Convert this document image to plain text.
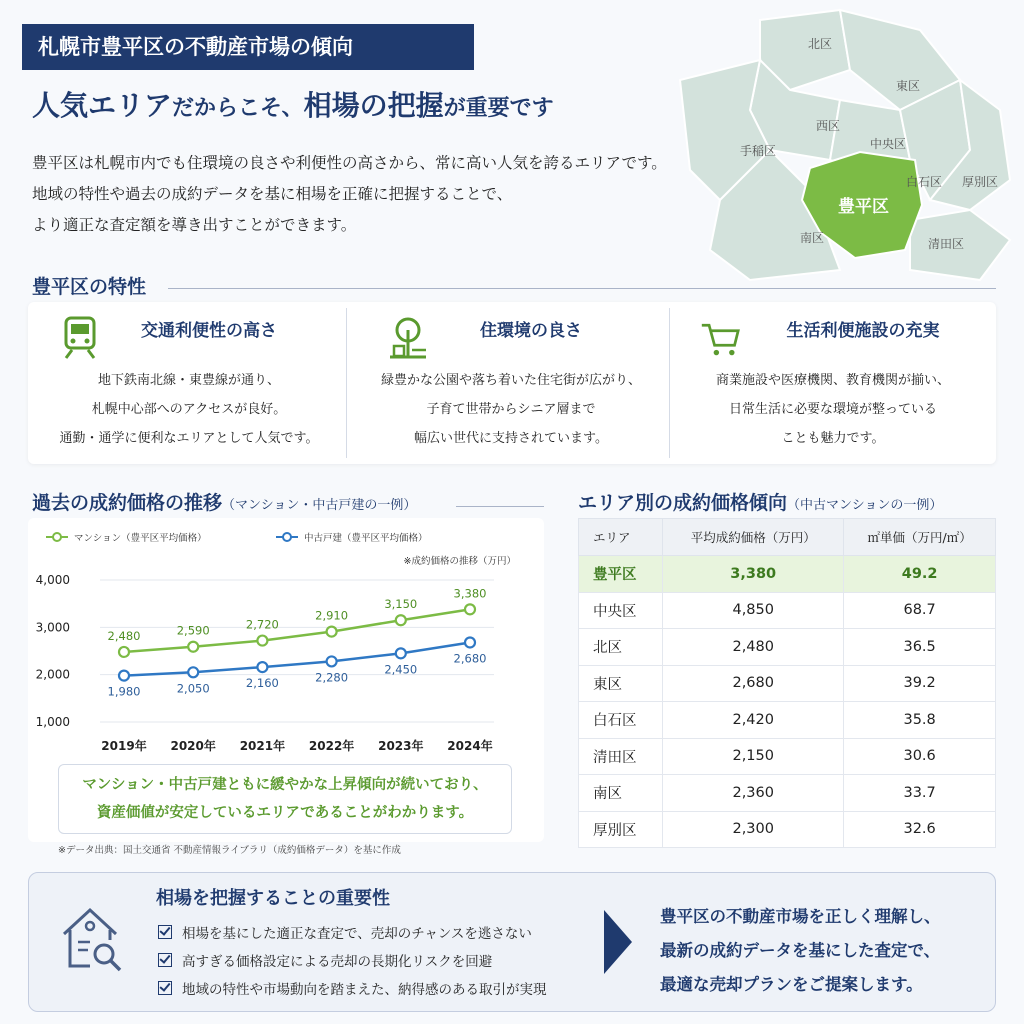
札幌市豊平区の不動産市場の傾向
人気エリアだからこそ、相場の把握が重要です
豊平区は札幌市内でも住環境の良さや利便性の高さから、常に高い人気を誇るエリアです。
地域の特性や過去の成約データを基に相場を正確に把握することで、
より適正な査定額を導き出すことができます。
北区
東区
西区
中央区
白石区 厚別区
手稲区
南区	清田区
豊平区
豊平区の特性
交通利便性の高さ
地下鉄南北線・東豊線が通り、
札幌中心部へのアクセスが良好。
通勤・通学に便利なエリアとして人気です。
住環境の良さ
緑豊かな公園や落ち着いた住宅街が広がり、
子育て世帯からシニア層まで
幅広い世代に支持されています。
生活利便施設の充実
商業施設や医療機関、教育機関が揃い、
日常生活に必要な環境が整っている
ことも魅力です。
過去の成約価格の推移（マンション・中古戸建の一例）
1,000
2,000
3,000
4,000
2019年 2020年 2021年 2022年 2023年 2024年
※成約価格の推移（万円）
マンション（豊平区平均価格）	中古戸建（豊平区平均価格）
2,480	2,590	2,720
2,910
3,150
3,380
1,980	2,050	2,160	2,280
2,450
2,680
マンション・中古戸建ともに緩やかな上昇傾向が続いており、
資産価値が安定しているエリアであることがわかります。
※データ出典：国土交通省 不動産情報ライブラリ（成約価格データ）を基に作成
エリア別の成約価格傾向（中古マンションの一例）
エリア	平均成約価格（万円）	㎡単価（万円/㎡）
豊平区	3,380	49.2
中央区	4,850	68.7
北区	2,480	36.5
東区	2,680	39.2
白石区	2,420	35.8
清田区	2,150	30.6
南区	2,360	33.7
厚別区	2,300	32.6
相場を把握することの重要性
相場を基にした適正な査定で、売却のチャンスを逃さない
高すぎる価格設定による売却の長期化リスクを回避
地域の特性や市場動向を踏まえた、納得感のある取引が実現
豊平区の不動産市場を正しく理解し、
最新の成約データを基にした査定で、
最適な売却プランをご提案します。
